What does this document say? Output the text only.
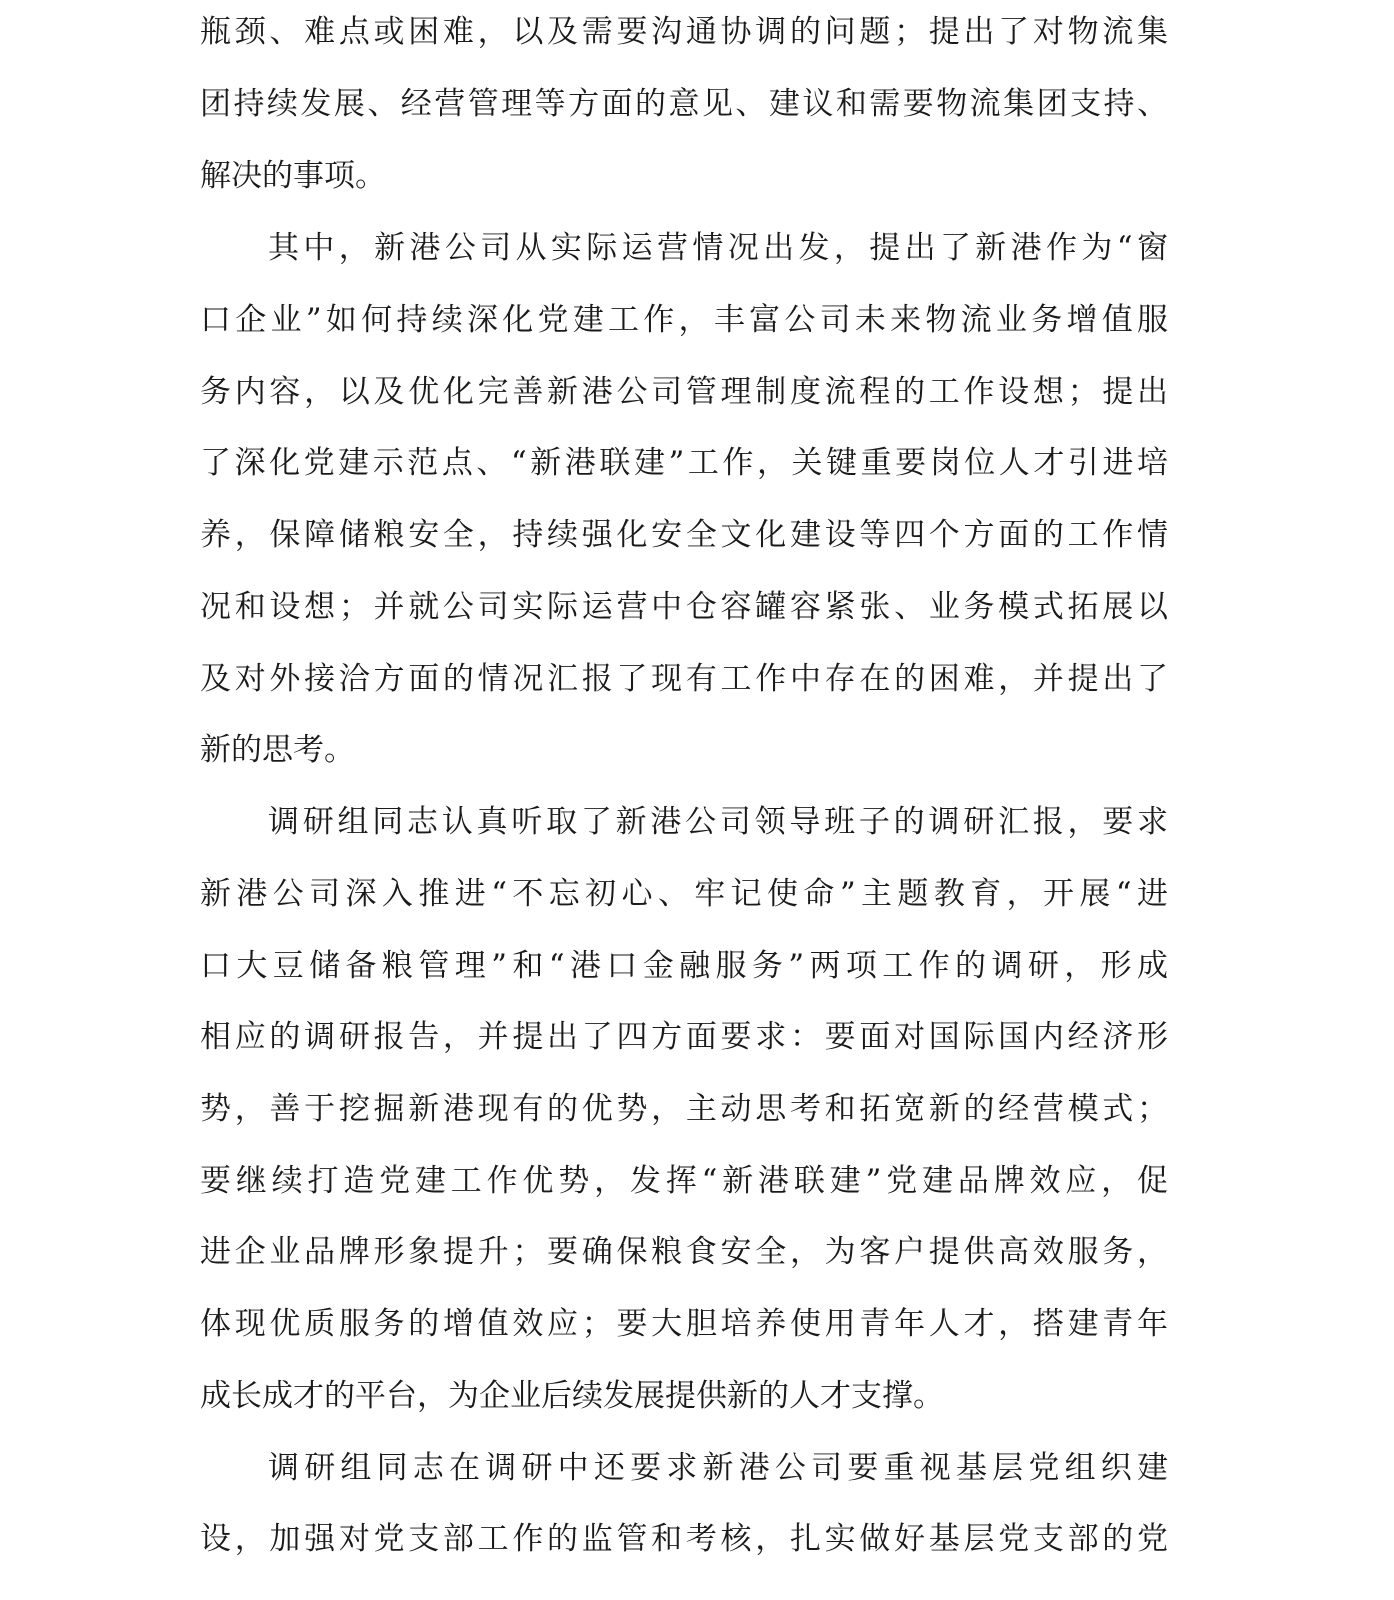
瓶颈、难点或困难，以及需要沟通协调的问题；提出了对物流集
团持续发展、经营管理等方面的意见、建议和需要物流集团支持、
解决的事项。
其中，新港公司从实际运营情况出发，提出了新港作为“窗
口企业”如何持续深化党建工作，丰富公司未来物流业务增值服
务内容，以及优化完善新港公司管理制度流程的工作设想；提出
了深化党建示范点、“新港联建”工作，关键重要岗位人才引进培
养，保障储粮安全，持续强化安全文化建设等四个方面的工作情
况和设想；并就公司实际运营中仓容罐容紧张、业务模式拓展以
及对外接洽方面的情况汇报了现有工作中存在的困难，并提出了
新的思考。
调研组同志认真听取了新港公司领导班子的调研汇报，要求
新港公司深入推进“不忘初心、牢记使命”主题教育，开展“进
口大豆储备粮管理”和“港口金融服务”两项工作的调研，形成
相应的调研报告，并提出了四方面要求：要面对国际国内经济形
势，善于挖掘新港现有的优势，主动思考和拓宽新的经营模式；
要继续打造党建工作优势，发挥“新港联建”党建品牌效应，促
进企业品牌形象提升；要确保粮食安全，为客户提供高效服务，
体现优质服务的增值效应；要大胆培养使用青年人才，搭建青年
成长成才的平台，为企业后续发展提供新的人才支撑。
调研组同志在调研中还要求新港公司要重视基层党组织建
设，加强对党支部工作的监管和考核，扎实做好基层党支部的党
